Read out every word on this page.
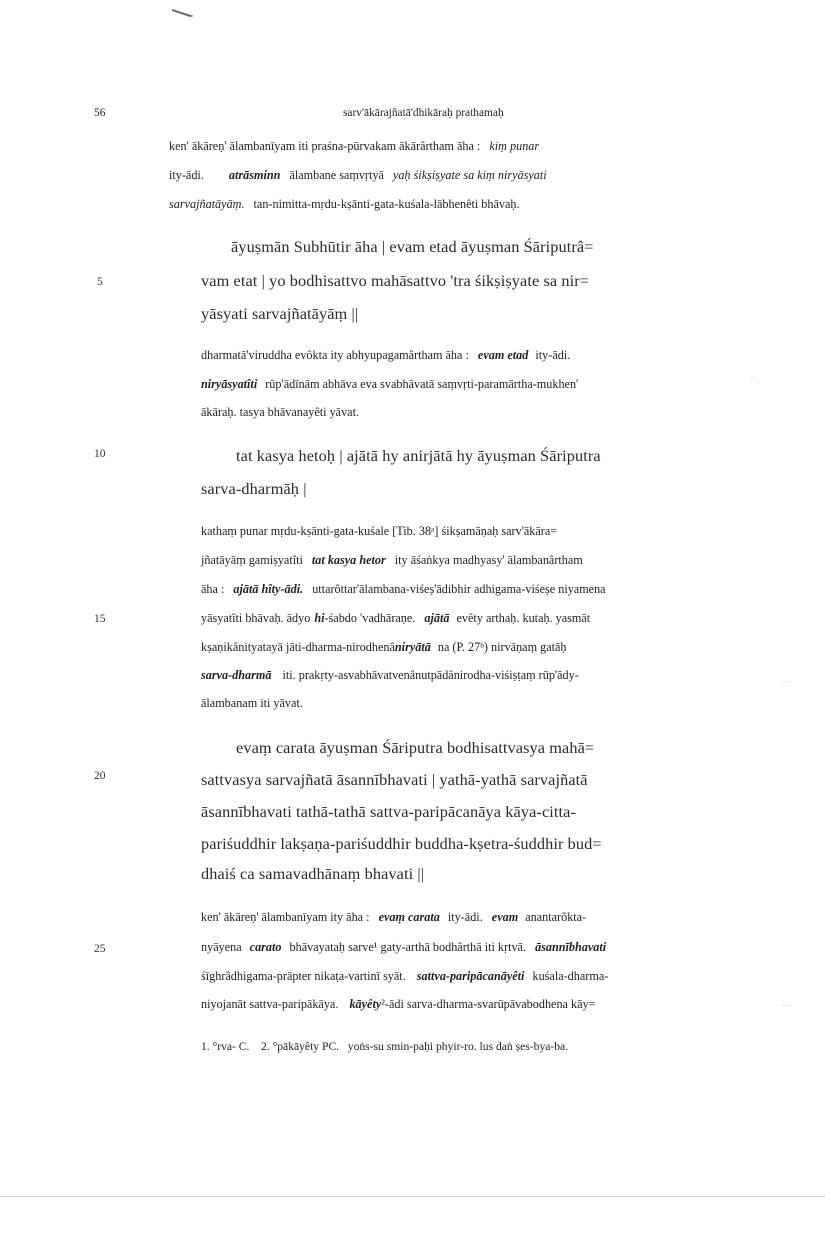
56	sarv'ākārajñatā'dhikāraḥ prathamaḥ
5
10
15
20
25
ken' ākāreṇ' ālambanīyam iti praśna-pūrvakam ākārârtham āha : kiṃ punar
ity-ādi. atrāsminn ālambane saṃvṛtyā yaḥ śikṣiṣyate sa kiṃ niryāsyati
sarvajñatāyāṃ. tan-nimitta-mṛdu-kṣānti-gata-kuśala-lābhenêti bhāvaḥ.
āyuṣmān Subhūtir āha | evam etad āyuṣman Śāriputrâ=
vam etat | yo bodhisattvo mahāsattvo 'tra śikṣiṣyate sa nir=
yāsyati sarvajñatāyāṃ ||
dharmatā'viruddha evôkta ity abhyupagamârtham āha : evam etad ity-ādi.
niryāsyatîti rūp'ādīnām abhāva eva svabhāvatā saṃvṛti-paramārtha-mukhen'
ākāraḥ. tasya bhāvanayêti yāvat.
tat kasya hetoḥ | ajātā hy anirjātā hy āyuṣman Śāriputra
sarva-dharmāḥ |
kathaṃ punar mṛdu-kṣānti-gata-kuśale [Tib. 38ᵃ] śikṣamāṇaḥ sarv'ākāra=
jñatāyāṃ gamiṣyatîti tat kasya hetor ity āśaṅkya madhyasy' ālambanârtham
āha : ajātā hîty-ādi. uttarôttar'ālambana-viśeṣ'ādibhir adhigama-viśeṣe niyamena
yāsyatîti bhāvaḥ. ādyo hi-śabdo 'vadhāraṇe. ajātā evêty arthaḥ. kutaḥ. yasmāt
kṣaṇikânityatayā jāti-dharma-nirodhenâniryātā na (P. 27ᵇ) nirvāṇaṃ gatāḥ
sarva-dharmā iti. prakṛty-asvabhāvatvenânutpādânirodha-viśiṣṭaṃ rūp'ādy-
ālambanam iti yāvat.
evaṃ carata āyuṣman Śāriputra bodhisattvasya mahā=
sattvasya sarvajñatā āsannībhavati | yathā-yathā sarvajñatā
āsannībhavati tathā-tathā sattva-paripācanāya kāya-citta-
pariśuddhir lakṣaṇa-pariśuddhir buddha-kṣetra-śuddhir bud=
dhaiś ca samavadhānaṃ bhavati ||
ken' ākāreṇ' ālambanīyam ity āha : evaṃ carata ity-ādi. evam anantarôkta-
nyāyena carato bhāvayataḥ sarve¹ gaty-arthā bodhârthā iti kṛtvā. āsannībhavati
śīghrâdhigama-prāpter nikaṭa-vartinī syāt. sattva-paripācanāyêti kuśala-dharma-
niyojanāt sattva-paripākāya. kāyêty²-ādi sarva-dharma-svarūpāvabodhena kāy=
1. °rva- C.    2. °pākāyêty PC.   yoṅs-su smin-paḥi phyir-ro. lus daṅ ṣes-bya-ba.
˙ ·
· ·
· ·
